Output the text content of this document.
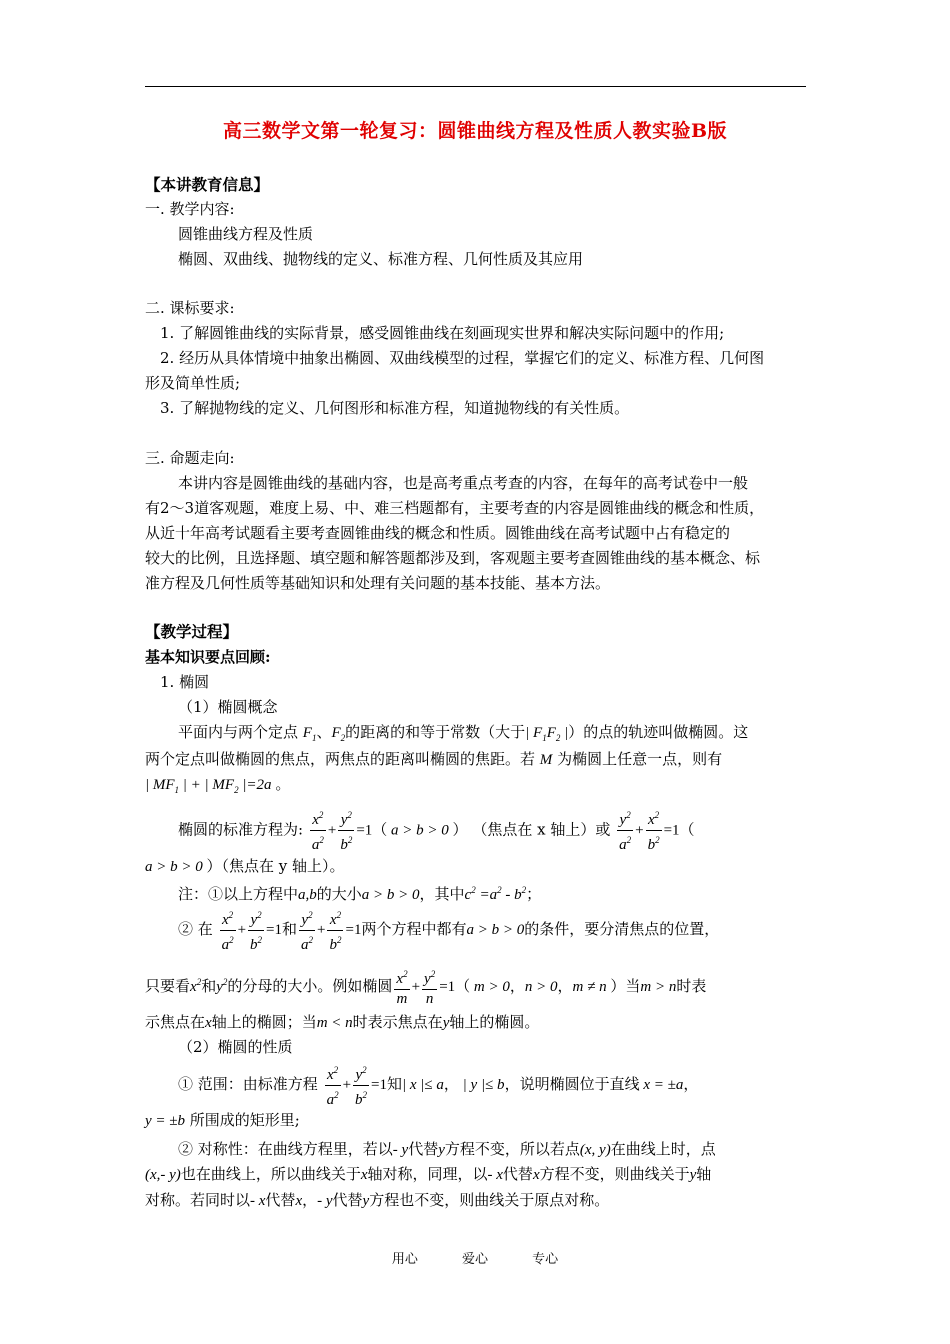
高三数学文第一轮复习：圆锥曲线方程及性质人教实验B版
【本讲教育信息】
一. 教学内容:
圆锥曲线方程及性质
椭圆、双曲线、抛物线的定义、标准方程、几何性质及其应用
二. 课标要求:
1. 了解圆锥曲线的实际背景，感受圆锥曲线在刻画现实世界和解决实际问题中的作用;
2. 经历从具体情境中抽象出椭圆、双曲线模型的过程，掌握它们的定义、标准方程、几何图
形及简单性质;
3. 了解抛物线的定义、几何图形和标准方程，知道抛物线的有关性质。
三. 命题走向:
本讲内容是圆锥曲线的基础内容，也是高考重点考查的内容，在每年的高考试卷中一般
有2～3道客观题，难度上易、中、难三档题都有，主要考查的内容是圆锥曲线的概念和性质，
从近十年高考试题看主要考查圆锥曲线的概念和性质。圆锥曲线在高考试题中占有稳定的
较大的比例，且选择题、填空题和解答题都涉及到，客观题主要考查圆锥曲线的基本概念、标
准方程及几何性质等基础知识和处理有关问题的基本技能、基本方法。
【教学过程】
基本知识要点回顾:
1. 椭圆
（1）椭圆概念
平面内与两个定点 $F_1$、$F_2$的距离的和等于常数（大于| $F_1F_2$ |）的点的轨迹叫做椭圆。这
两个定点叫做椭圆的焦点，两焦点的距离叫椭圆的焦距。若 M 为椭圆上任意一点，则有
| $MF_1$ | + | $MF_2$ |=2a 。
椭圆的标准方程为: $\frac{x^2}{a^2} + \frac{y^2}{b^2} =1$（ a > b > 0 ） （焦点在 x 轴上）或 $\frac{y^2}{a^2} + \frac{x^2}{b^2} =1$（
a > b > 0 ）（焦点在 y 轴上）。
注：①以上方程中a,b的大小a > b > 0，其中$c^2 =a^2 - b^2$；
② 在 $\frac{x^2}{a^2} + \frac{y^2}{b^2} =1$和 $\frac{y^2}{a^2} + \frac{x^2}{b^2} =1$两个方程中都有a > b > 0的条件，要分清焦点的位置，
只要看$x^2$和$y^2$的分母的大小。例如椭圆 $\frac{x^2}{m} + \frac{y^2}{n} =1$（ m > 0，n > 0，m ≠ n ）当m > n时表
示焦点在x轴上的椭圆；当m < n时表示焦点在y轴上的椭圆。
（2）椭圆的性质
① 范围：由标准方程 $\frac{x^2}{a^2} + \frac{y^2}{b^2} =1$知| x |≤ a， | y |≤ b，说明椭圆位于直线 x = ±a，
y = ±b 所围成的矩形里;
② 对称性：在曲线方程里，若以- y代替y方程不变，所以若点(x, y)在曲线上时，点
(x,- y)也在曲线上，所以曲线关于x轴对称，同理，以- x代替x方程不变，则曲线关于y轴
对称。若同时以- x代替x，- y代替y方程也不变，则曲线关于原点对称。
用心	爱心	专心
